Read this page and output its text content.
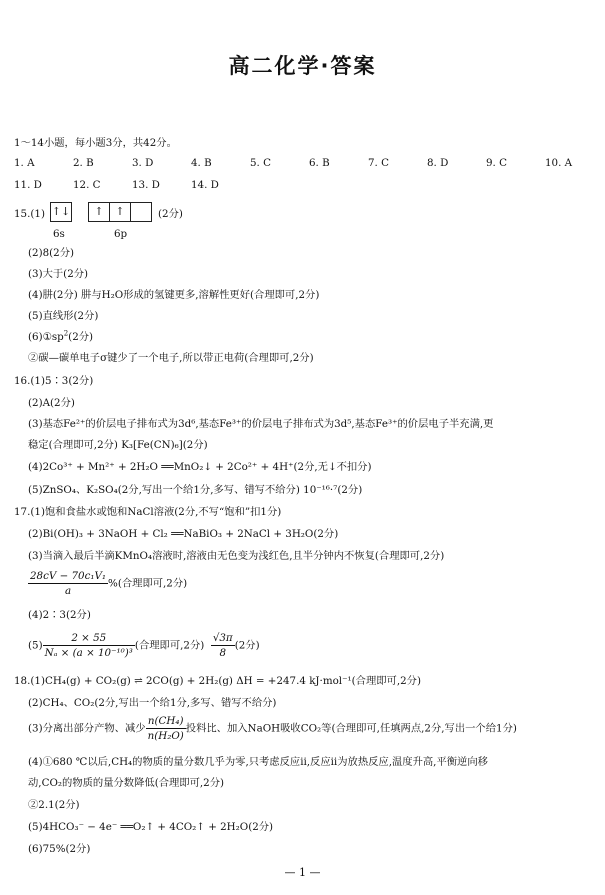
高二化学·答案
1～14小题，每小题3分，共42分。
1. A	2. B	3. D	4. B	5. C	6. B	7. C	8. D	9. C	10. A
11. D	12. C	13. D	14. D
15.(1) ↑↓	↑ ↑	(2分)
6s	6p
(2)8(2分)
(3)大于(2分)
(4)肼(2分) 肼与H₂O形成的氢键更多,溶解性更好(合理即可,2分)
(5)直线形(2分)
$(6)①sp^2(2$分)
②碳—碳单电子σ键少了一个电子,所以带正电荷(合理即可,2分)
16.(1)5∶3(2分)
(2)A(2分)
(3)基态Fe²⁺的价层电子排布式为3d⁶,基态Fe³⁺的价层电子排布式为3d⁵,基态Fe³⁺的价层电子半充满,更
稳定(合理即可,2分) K₃[Fe(CN)₆](2分)
(4)2Co³⁺ + Mn²⁺ + 2H₂O ══MnO₂↓ + 2Co²⁺ + 4H⁺(2分,无↓不扣分)
(5)ZnSO₄、K₂SO₄(2分,写出一个给1分,多写、错写不给分) 10⁻¹⁶·⁷(2分)
17.(1)饱和食盐水或饱和NaCl溶液(2分,不写“饱和”扣1分)
(2)Bi(OH)₃ + 3NaOH + Cl₂ ══NaBiO₃ + 2NaCl + 3H₂O(2分)
(3)当滴入最后半滴KMnO₄溶液时,溶液由无色变为浅红色,且半分钟内不恢复(合理即可,2分)
$\frac{\text{28cV − 70c₁V₁}}{a}$ %(合理即可,2分)
(4)2∶3(2分)
$(5) \frac{2 \times 55}{\text{Nₐ × (a × 10⁻¹⁰)³}}$ (合理即可,2分) $\frac{√3\pi}{8} (2$分)
18.(1)CH₄(g) + CO₂(g) ⇌ 2CO(g) + 2H₂(g) ΔH = +247.4 kJ·mol⁻¹(合理即可,2分)
(2)CH₄、CO₂(2分,写出一个给1分,多写、错写不给分)
(3)分离出部分产物、减少 $\frac{\text{n(CH₄)}}{\text{n(H₂O)}}$ 投料比、加入NaOH吸收CO₂等(合理即可,任填两点,2分,写出一个给1分)
(4)①680 ℃以后,CH₄的物质的量分数几乎为零,只考虑反应ⅱ,反应ⅱ为放热反应,温度升高,平衡逆向移
动,CO₂的物质的量分数降低(合理即可,2分)
②2.1(2分)
(5)4HCO₃⁻ − 4e⁻ ══O₂↑ + 4CO₂↑ + 2H₂O(2分)
(6)75%(2分)
— 1 —
